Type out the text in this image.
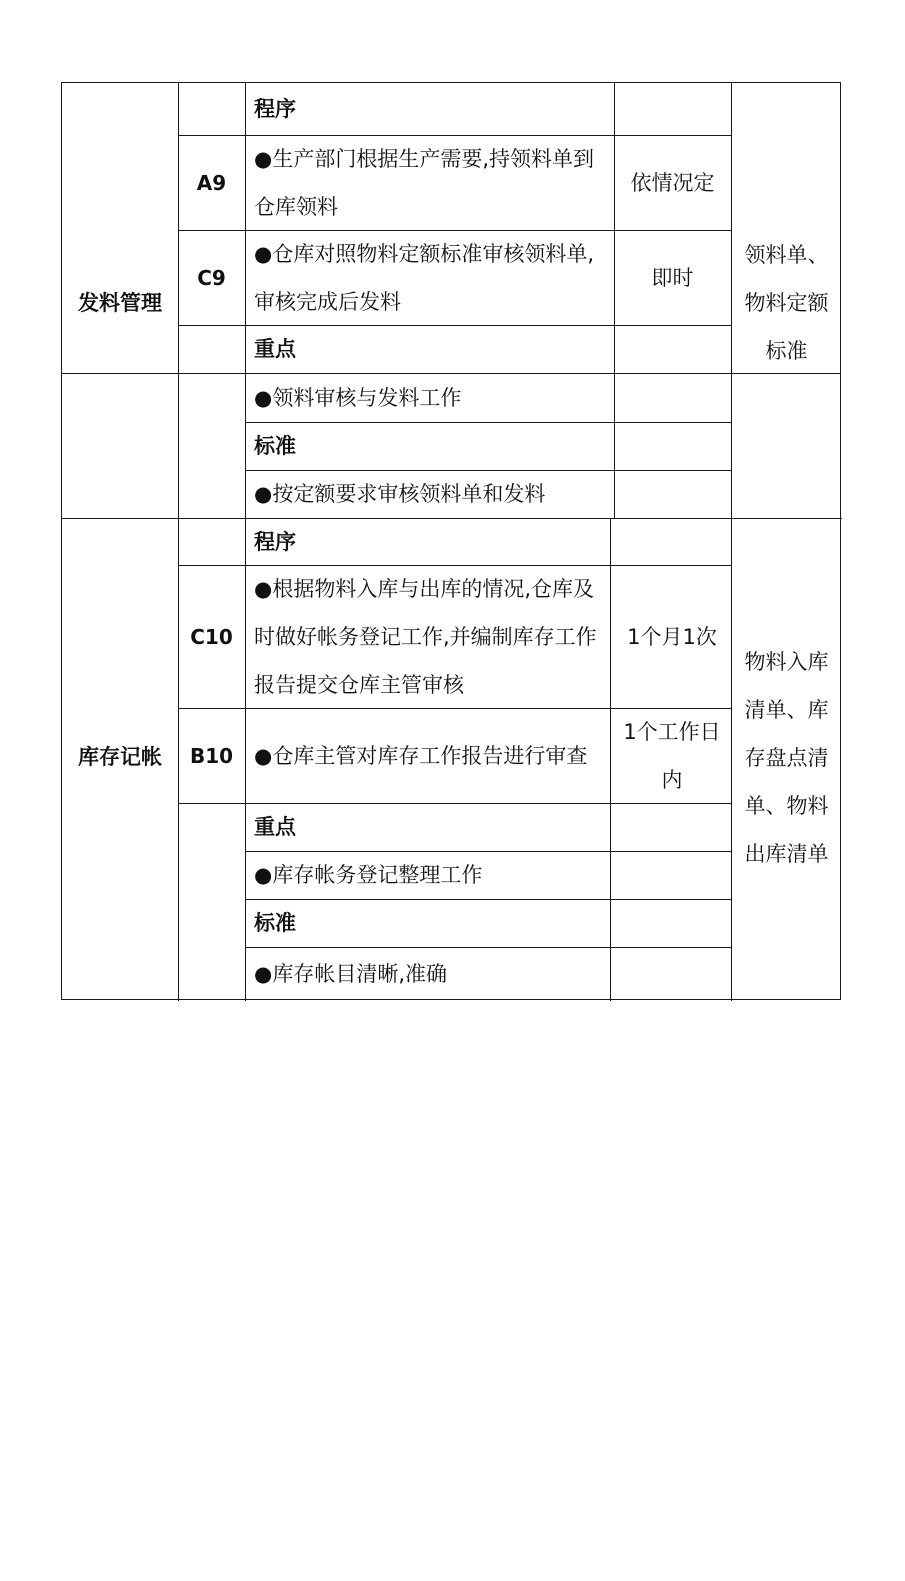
发料管理
程序
A9
●生产部门根据生产需要,持领料单到仓库领料
依情况定
C9
●仓库对照物料定额标准审核领料单,审核完成后发料
即时
重点
●领料审核与发料工作
标准
●按定额要求审核领料单和发料
领料单、物料定额标准
库存记帐
程序
C10
●根据物料入库与出库的情况,仓库及时做好帐务登记工作,并编制库存工作报告提交仓库主管审核
1个月1次
B10 ●仓库主管对库存工作报告进行审查
1个工作日内
重点
●库存帐务登记整理工作
标准
●库存帐目清晰,准确
物料入库清单、库存盘点清单、物料出库清单
